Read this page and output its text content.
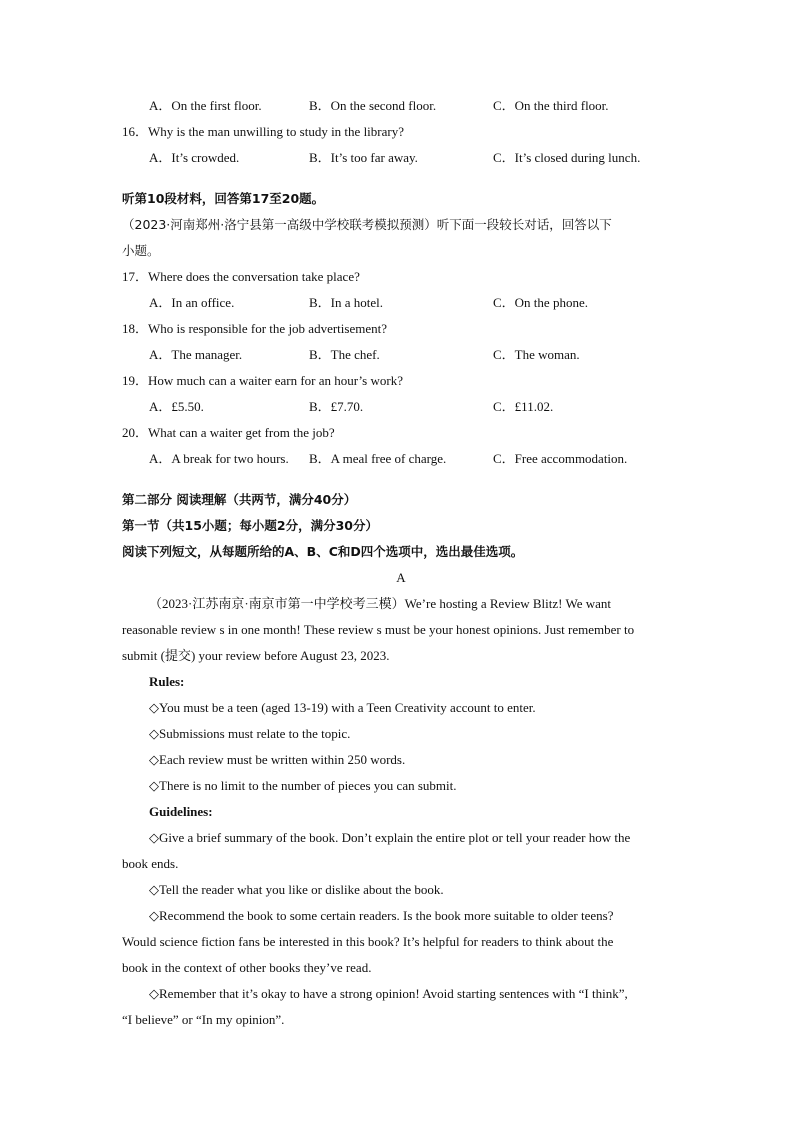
A．On the first floor.	B．On the second floor.	C．On the third floor.
16．Why is the man unwilling to study in the library?
A．It’s crowded.	B．It’s too far away.	C．It’s closed during lunch.
听第10段材料，回答第17至20题。
（2023·河南郑州·洛宁县第一高级中学校联考模拟预测）听下面一段较长对话，回答以下
小题。
17．Where does the conversation take place?
A．In an office.	B．In a hotel.	C．On the phone.
18．Who is responsible for the job advertisement?
A．The manager.	B．The chef.	C．The woman.
19．How much can a waiter earn for an hour’s work?
A．£5.50.	B．£7.70.	C．£11.02.
20．What can a waiter get from the job?
A．A break for two hours.	B．A meal free of charge.	C．Free accommodation.
第二部分 阅读理解（共两节，满分40分）
第一节（共15小题；每小题2分，满分30分）
阅读下列短文，从每题所给的A、B、C和D四个选项中，选出最佳选项。
A
（2023·江苏南京·南京市第一中学校考三模）We’re hosting a Review Blitz! We want
reasonable review s in one month! These review s must be your honest opinions. Just remember to
submit (提交) your review before August 23, 2023.
Rules:
◇You must be a teen (aged 13-19) with a Teen Creativity account to enter.
◇Submissions must relate to the topic.
◇Each review must be written within 250 words.
◇There is no limit to the number of pieces you can submit.
Guidelines:
◇Give a brief summary of the book. Don’t explain the entire plot or tell your reader how the
book ends.
◇Tell the reader what you like or dislike about the book.
◇Recommend the book to some certain readers. Is the book more suitable to older teens?
Would science fiction fans be interested in this book? It’s helpful for readers to think about the
book in the context of other books they’ve read.
◇Remember that it’s okay to have a strong opinion! Avoid starting sentences with “I think”,
“I believe” or “In my opinion”.
